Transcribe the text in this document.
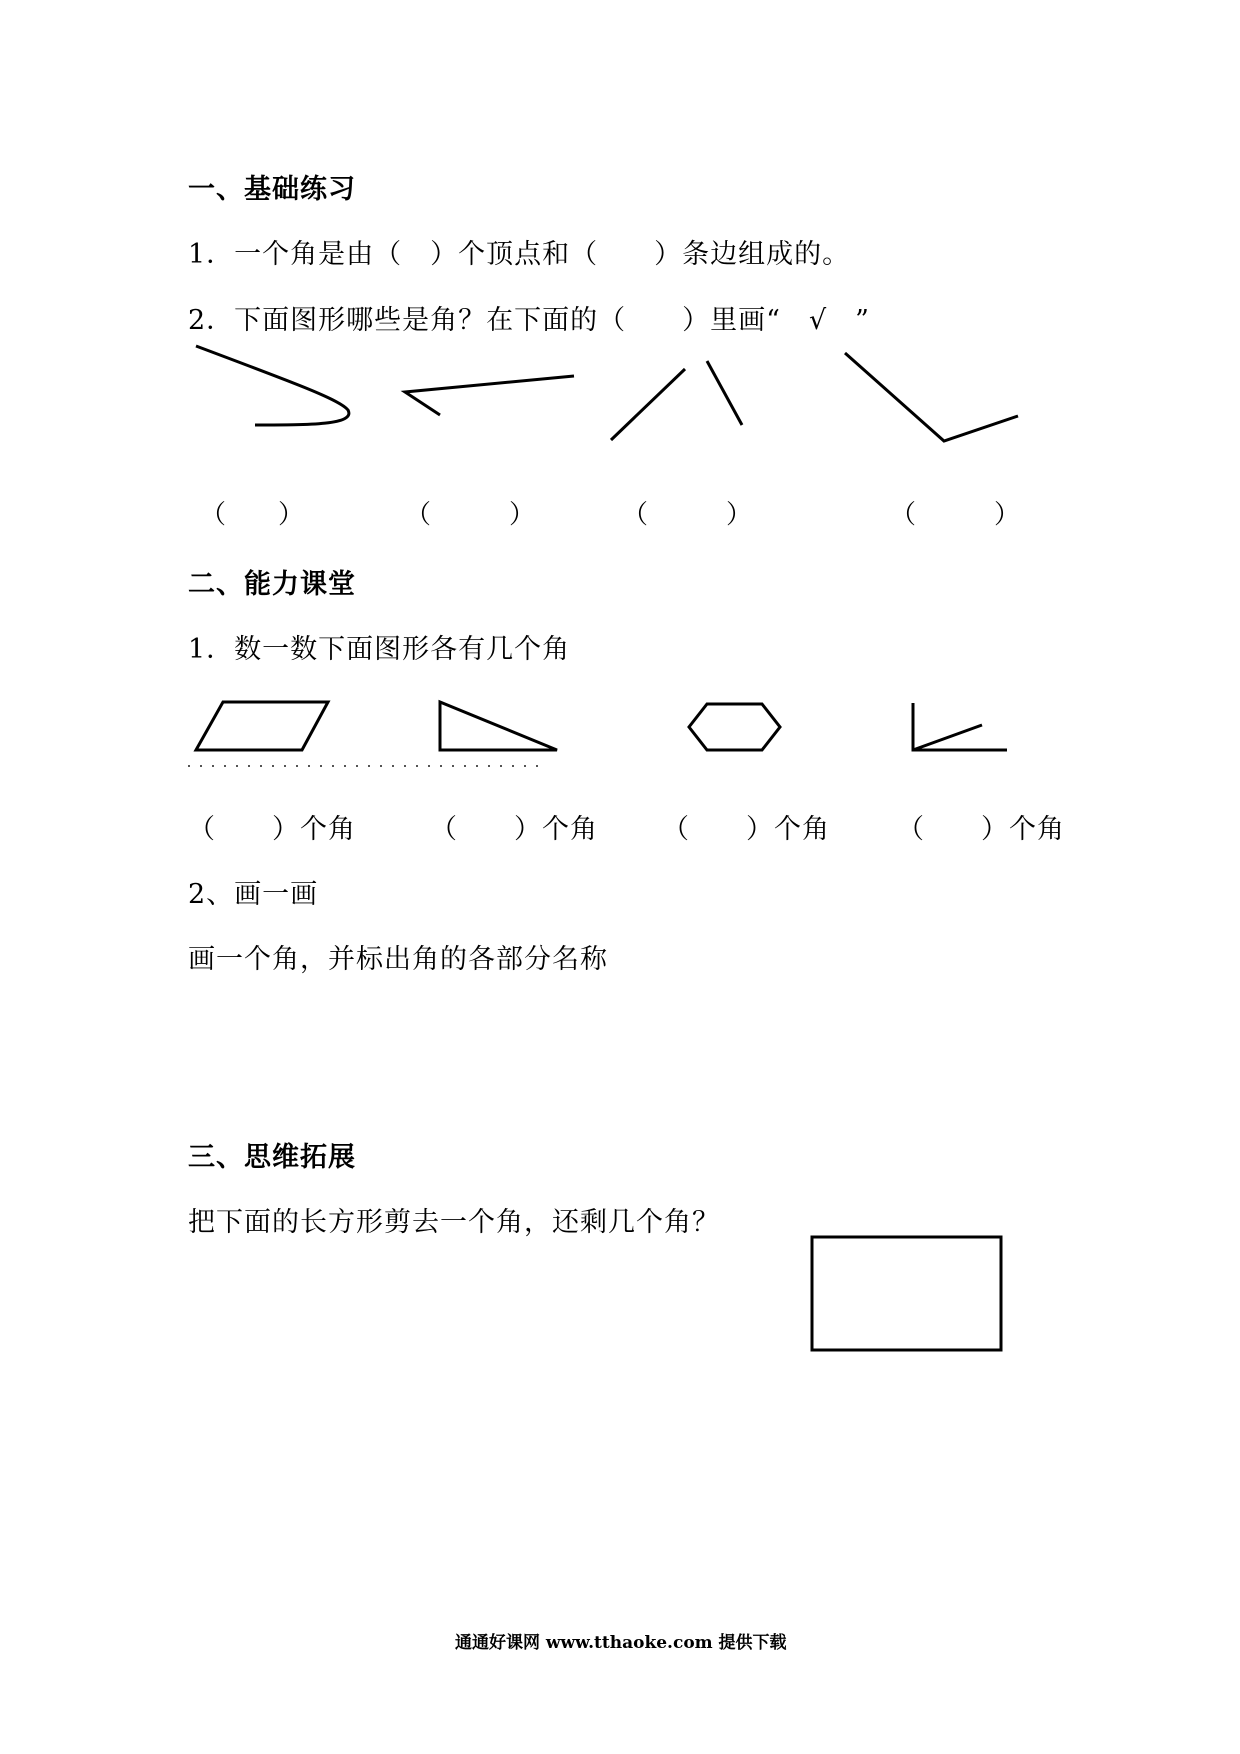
一、基础练习
1．一个角是由（　）个顶点和（　　）条边组成的。
2．下面图形哪些是角？在下面的（　　）里画“　√　”
（　　）	（　　　）	（　　　）	（　　　）
二、能力课堂
1．数一数下面图形各有几个角
（　　）个角	（　　）个角 （　　）个角 （　　）个角
2、画一画
画一个角，并标出角的各部分名称
三、思维拓展
把下面的长方形剪去一个角，还剩几个角？
通通好课网 www.tthaoke.com 提供下载
